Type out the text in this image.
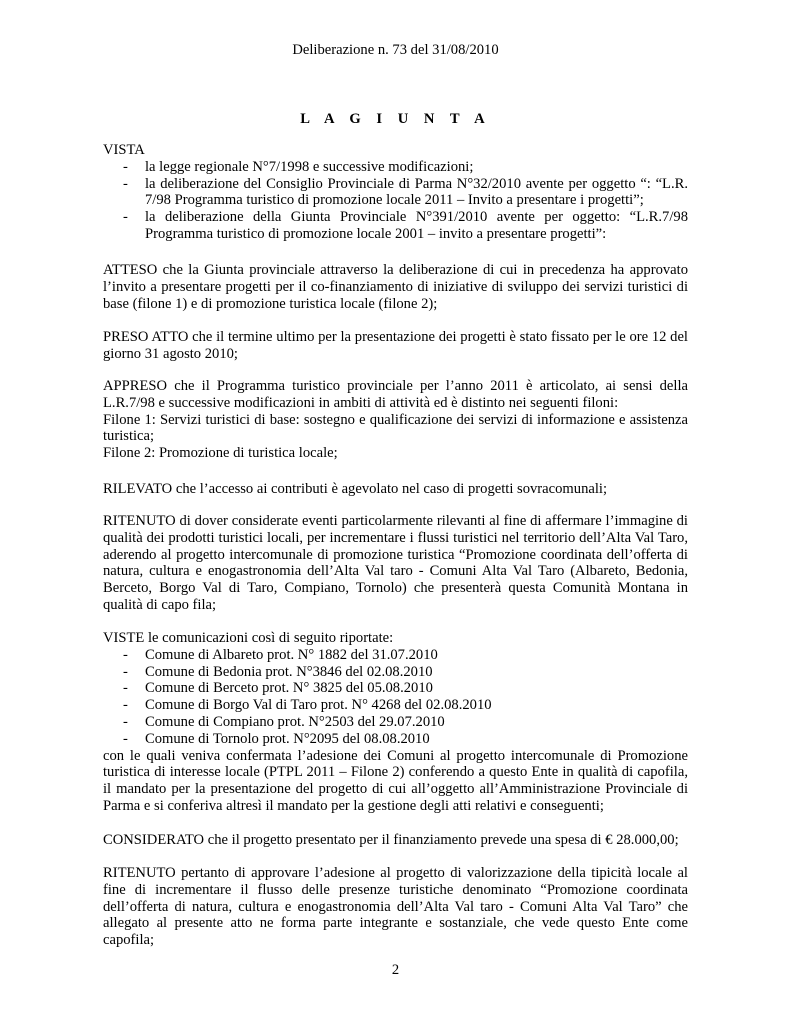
Deliberazione n. 73 del 31/08/2010
L A G I U N T A

VISTA

- la legge regionale N°7/1998 e successive modificazioni;
- la deliberazione del Consiglio Provinciale di Parma N°32/2010 avente per oggetto “: “L.R. 7/98 Programma turistico di promozione locale 2011 – Invito a presentare i progetti”;
- la deliberazione della Giunta Provinciale N°391/2010 avente per oggetto: “L.R.7/98 Programma turistico di promozione locale 2001 – invito a presentare progetti”:

ATTESO che la Giunta provinciale attraverso la deliberazione di cui in precedenza ha approvato l’invito a presentare progetti per il co-finanziamento di iniziative di sviluppo dei servizi turistici di base (filone 1) e di promozione turistica locale (filone 2);

PRESO ATTO che il termine ultimo per la presentazione dei progetti è stato fissato per le ore 12 del giorno 31 agosto 2010;

APPRESO che il Programma turistico provinciale per l’anno 2011 è articolato, ai sensi della L.R.7/98 e successive modificazioni in ambiti di attività ed è distinto nei seguenti filoni:

Filone 1: Servizi turistici di base: sostegno e qualificazione dei servizi di informazione e assistenza turistica;

Filone 2: Promozione di turistica locale;

RILEVATO che l’accesso ai contributi è agevolato nel caso di progetti sovracomunali;

RITENUTO di dover considerate eventi particolarmente rilevanti al fine di affermare l’immagine di qualità dei prodotti turistici locali, per incrementare i flussi turistici nel territorio dell’Alta Val Taro, aderendo al progetto intercomunale di promozione turistica “Promozione coordinata dell’offerta di natura, cultura e enogastronomia dell’Alta Val taro - Comuni Alta Val Taro (Albareto, Bedonia, Berceto, Borgo Val di Taro, Compiano, Tornolo) che presenterà questa Comunità Montana in qualità di capo fila;

VISTE le comunicazioni così di seguito riportate:

- Comune di Albareto prot. N° 1882 del 31.07.2010
- Comune di Bedonia prot. N°3846 del 02.08.2010
- Comune di Berceto prot. N° 3825 del 05.08.2010
- Comune di Borgo Val di Taro prot. N° 4268 del 02.08.2010
- Comune di Compiano prot. N°2503 del 29.07.2010
- Comune di Tornolo prot. N°2095 del 08.08.2010

con le quali veniva confermata l’adesione dei Comuni al progetto intercomunale di Promozione turistica di interesse locale (PTPL 2011 – Filone 2) conferendo a questo Ente in qualità di capofila, il mandato per la presentazione del progetto di cui all’oggetto all’Amministrazione Provinciale di Parma e si conferiva altresì il mandato per la gestione degli atti relativi e conseguenti;

CONSIDERATO che il progetto presentato per il finanziamento prevede una spesa di € 28.000,00;

RITENUTO pertanto di approvare l’adesione al progetto di valorizzazione della tipicità locale al fine di incrementare il flusso delle presenze turistiche denominato “Promozione coordinata dell’offerta di natura, cultura e enogastronomia dell’Alta Val taro - Comuni Alta Val Taro” che allegato al presente atto ne forma parte integrante e sostanziale, che vede questo Ente come capofila;

2
